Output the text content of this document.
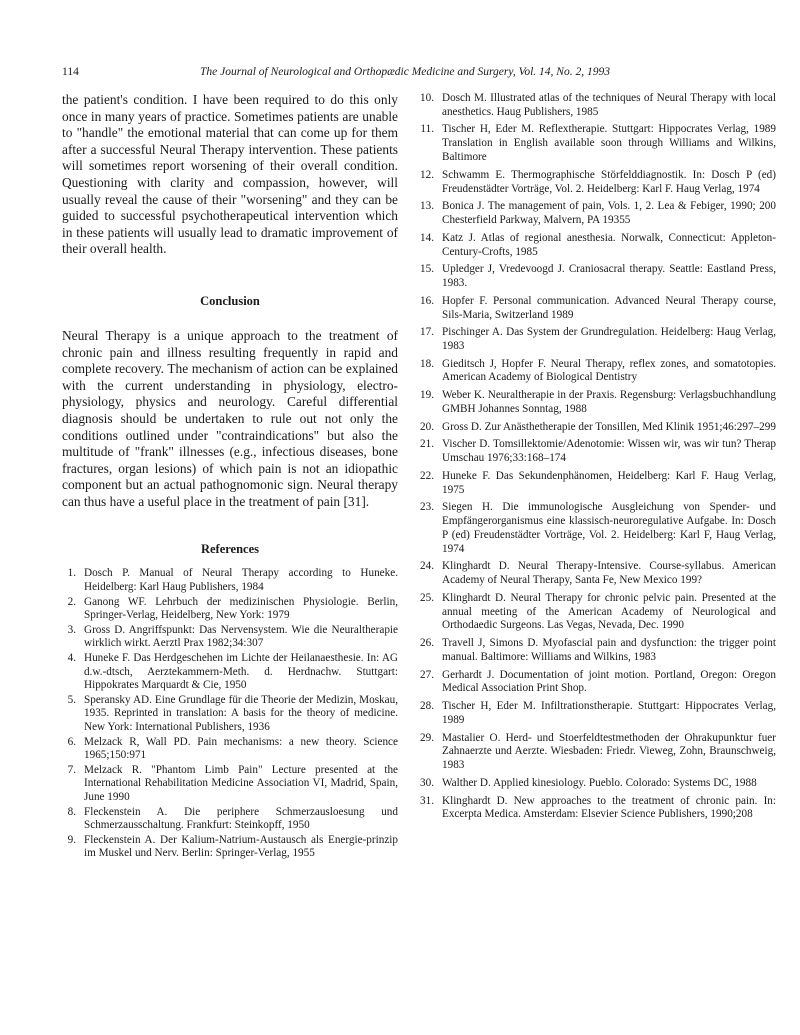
114	The Journal of Neurological and Orthopædic Medicine and Surgery, Vol. 14, No. 2, 1993

the patient's condition. I have been required to do this only once in many years of practice. Sometimes patients are unable to "handle" the emotional material that can come up for them after a successful Neural Therapy intervention. These patients will sometimes report worsening of their overall condition. Questioning with clarity and compassion, however, will usually reveal the cause of their "worsening" and they can be guided to successful psychotherapeutical intervention which in these patients will usually lead to dramatic improvement of their overall health.

Conclusion

Neural Therapy is a unique approach to the treatment of chronic pain and illness resulting frequently in rapid and complete recovery. The mechanism of action can be explained with the current understanding in physiology, electro-physiology, physics and neurology. Careful differential diagnosis should be undertaken to rule out not only the conditions outlined under "contraindications" but also the multitude of "frank" illnesses (e.g., infectious diseases, bone fractures, organ lesions) of which pain is not an idiopathic component but an actual pathognomonic sign. Neural therapy can thus have a useful place in the treatment of pain [31].

References
1. Dosch P. Manual of Neural Therapy according to Huneke. Heidelberg: Karl Haug Publishers, 1984
2. Ganong WF. Lehrbuch der medizinischen Physiologie. Berlin, Springer-Verlag, Heidelberg, New York: 1979
3. Gross D. Angriffspunkt: Das Nervensystem. Wie die Neuraltherapie wirklich wirkt. Aerztl Prax 1982;34:307
4. Huneke F. Das Herdgeschehen im Lichte der Heilanaesthesie. In: AG d.w.-dtsch, Aerztekammern-Meth. d. Herdnachw. Stuttgart: Hippokrates Marquardt & Cie, 1950
5. Speransky AD. Eine Grundlage für die Theorie der Medizin, Moskau, 1935. Reprinted in translation: A basis for the theory of medicine. New York: International Publishers, 1936
6. Melzack R, Wall PD. Pain mechanisms: a new theory. Science 1965;150:971
7. Melzack R. "Phantom Limb Pain" Lecture presented at the International Rehabilitation Medicine Association VI, Madrid, Spain, June 1990
8. Fleckenstein A. Die periphere Schmerzausloesung und Schmerzausschaltung. Frankfurt: Steinkopff, 1950
9. Fleckenstein A. Der Kalium-Natrium-Austausch als Energie-prinzip im Muskel und Nerv. Berlin: Springer-Verlag, 1955
10. Dosch M. Illustrated atlas of the techniques of Neural Therapy with local anesthetics. Haug Publishers, 1985
11. Tischer H, Eder M. Reflextherapie. Stuttgart: Hippocrates Verlag, 1989 Translation in English available soon through Williams and Wilkins, Baltimore
12. Schwamm E. Thermographische Störfelddiagnostik. In: Dosch P (ed) Freudenstädter Vorträge, Vol. 2. Heidelberg: Karl F. Haug Verlag, 1974
13. Bonica J. The management of pain, Vols. 1, 2. Lea & Febiger, 1990; 200 Chesterfield Parkway, Malvern, PA 19355
14. Katz J. Atlas of regional anesthesia. Norwalk, Connecticut: Appleton-Century-Crofts, 1985
15. Upledger J, Vredevoogd J. Craniosacral therapy. Seattle: Eastland Press, 1983.
16. Hopfer F. Personal communication. Advanced Neural Therapy course, Sils-Maria, Switzerland 1989
17. Pischinger A. Das System der Grundregulation. Heidelberg: Haug Verlag, 1983
18. Gieditsch J, Hopfer F. Neural Therapy, reflex zones, and somatotopies. American Academy of Biological Dentistry
19. Weber K. Neuraltherapie in der Praxis. Regensburg: Verlagsbuchhandlung GMBH Johannes Sonntag, 1988
20. Gross D. Zur Anästhetherapie der Tonsillen, Med Klinik 1951;46:297–299
21. Vischer D. Tomsillektomie/Adenotomie: Wissen wir, was wir tun? Therap Umschau 1976;33:168–174
22. Huneke F. Das Sekundenphänomen, Heidelberg: Karl F. Haug Verlag, 1975
23. Siegen H. Die immunologische Ausgleichung von Spender- und Empfängerorganismus eine klassisch-neuroregulative Aufgabe. In: Dosch P (ed) Freudenstädter Vorträge, Vol. 2. Heidelberg: Karl F, Haug Verlag, 1974
24. Klinghardt D. Neural Therapy-Intensive. Course-syllabus. American Academy of Neural Therapy, Santa Fe, New Mexico 199?
25. Klinghardt D. Neural Therapy for chronic pelvic pain. Presented at the annual meeting of the American Academy of Neurological and Orthodaedic Surgeons. Las Vegas, Nevada, Dec. 1990
26. Travell J, Simons D. Myofascial pain and dysfunction: the trigger point manual. Baltimore: Williams and Wilkins, 1983
27. Gerhardt J. Documentation of joint motion. Portland, Oregon: Oregon Medical Association Print Shop.
28. Tischer H, Eder M. Infiltrationstherapie. Stuttgart: Hippocrates Verlag, 1989
29. Mastalier O. Herd- und Stoerfeldtestmethoden der Ohrakupunktur fuer Zahnaerzte und Aerzte. Wiesbaden: Friedr. Vieweg, Zohn, Braunschweig, 1983
30. Walther D. Applied kinesiology. Pueblo. Colorado: Systems DC, 1988
31. Klinghardt D. New approaches to the treatment of chronic pain. In: Excerpta Medica. Amsterdam: Elsevier Science Publishers, 1990;208
